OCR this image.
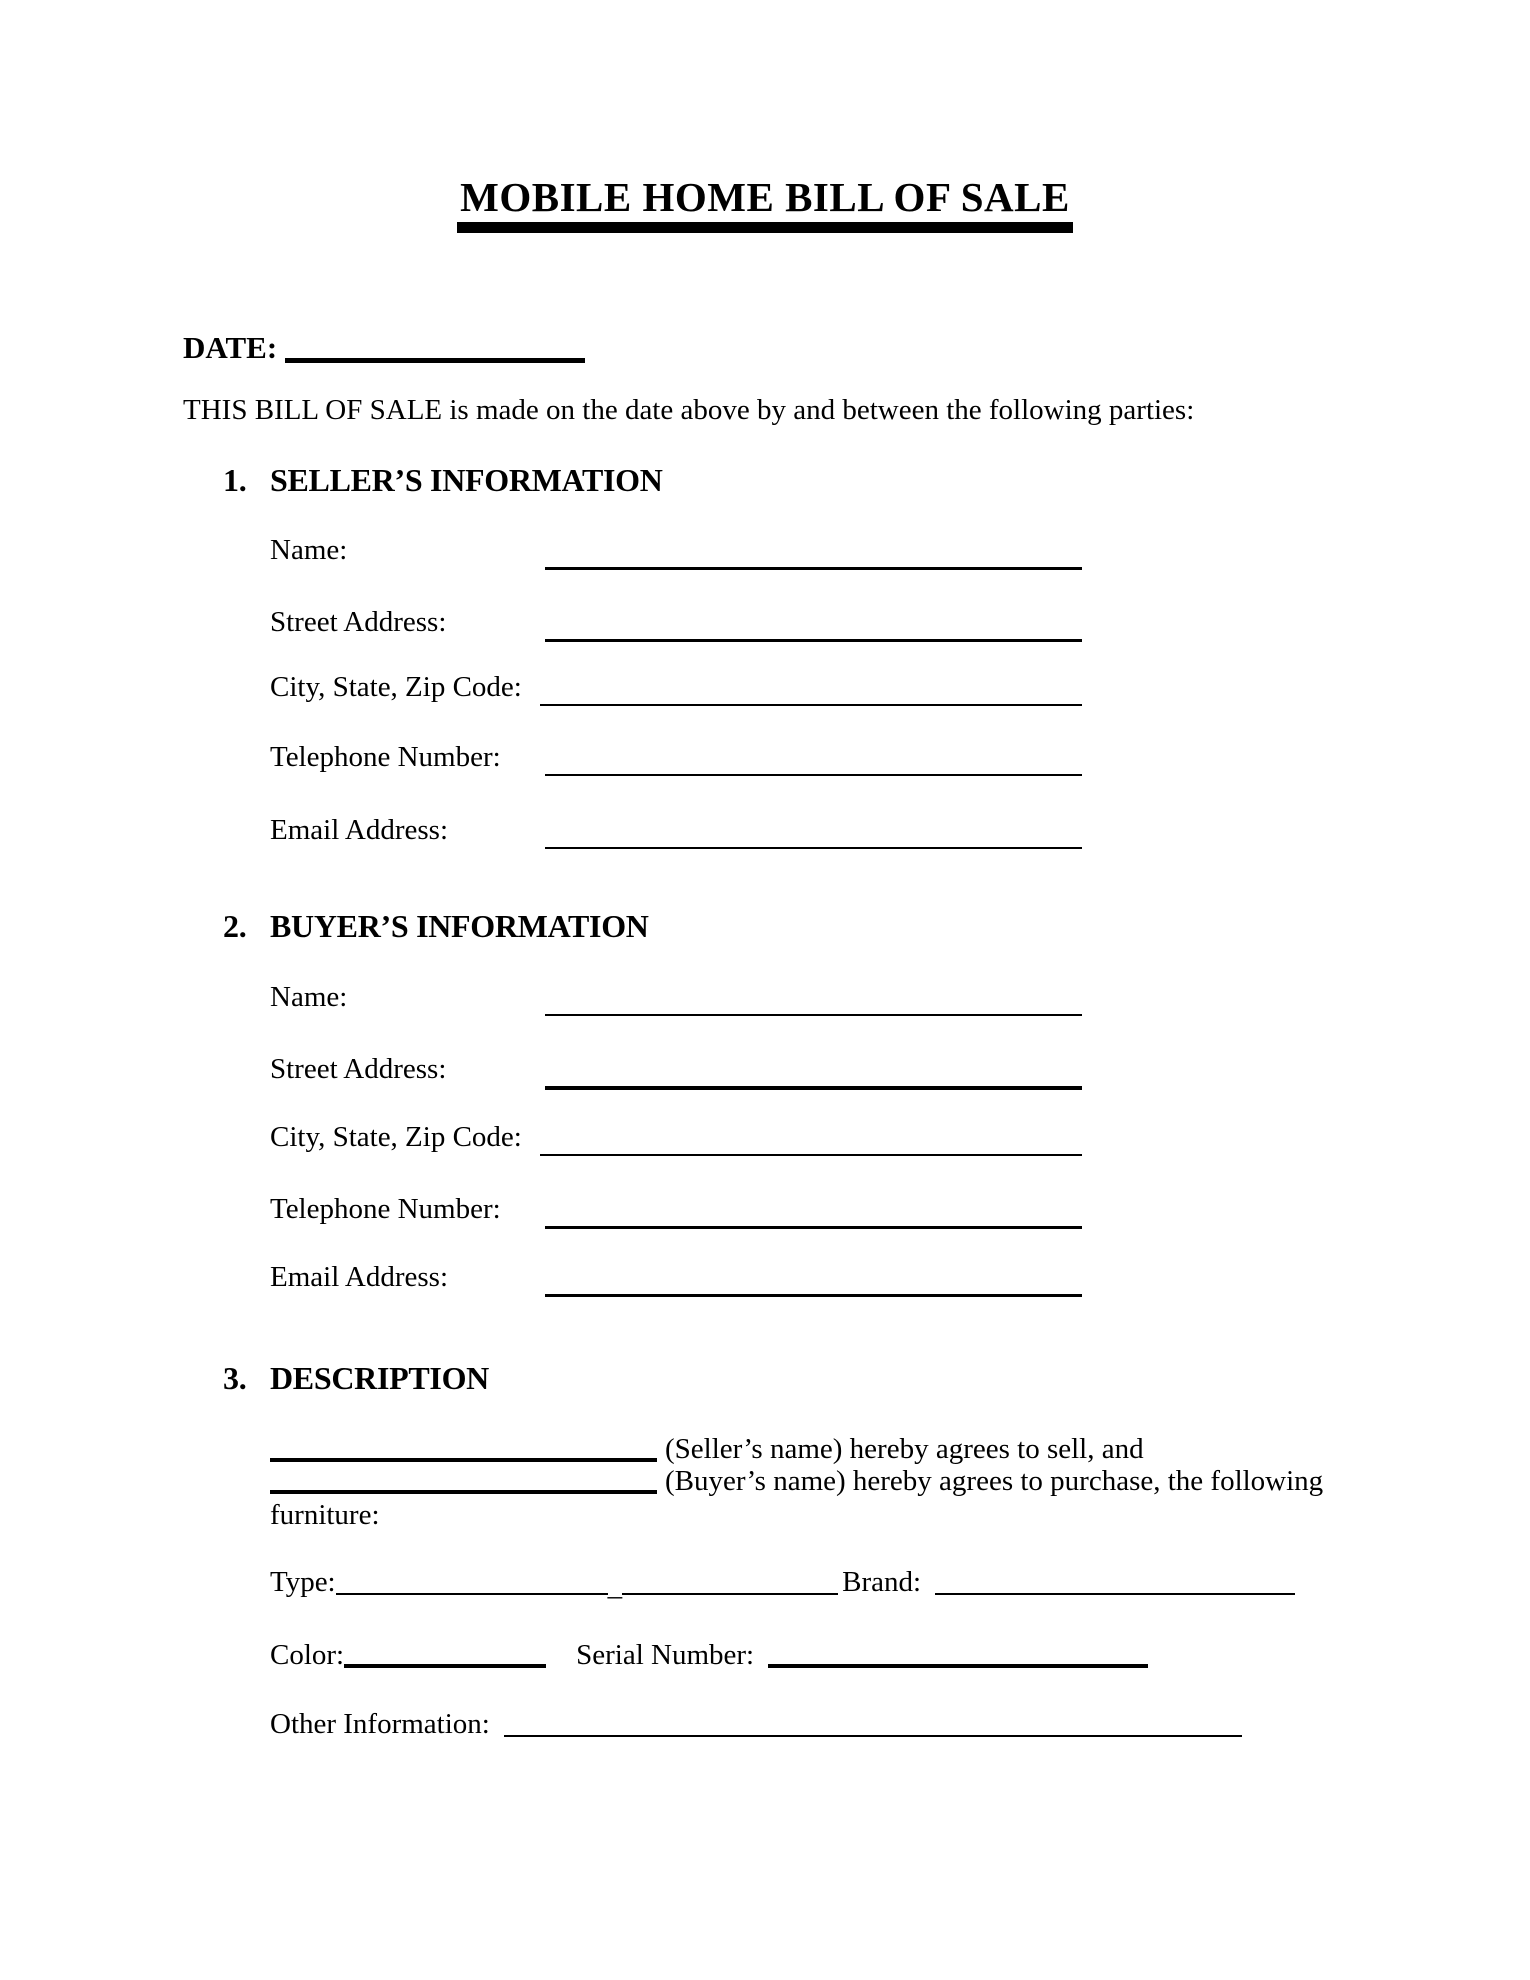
MOBILE HOME BILL OF SALE
DATE:
THIS BILL OF SALE is made on the date above by and between the following parties:
1. SELLER’S INFORMATION
Name:
Street Address:
City, State, Zip Code:
Telephone Number:
Email Address:
2. BUYER’S INFORMATION
Name:
Street Address:
City, State, Zip Code:
Telephone Number:
Email Address:
3. DESCRIPTION
(Seller’s name) hereby agrees to sell, and
(Buyer’s name) hereby agrees to purchase, the following
furniture:
Type:	_	Brand:
Color:	Serial Number:
Other Information:
